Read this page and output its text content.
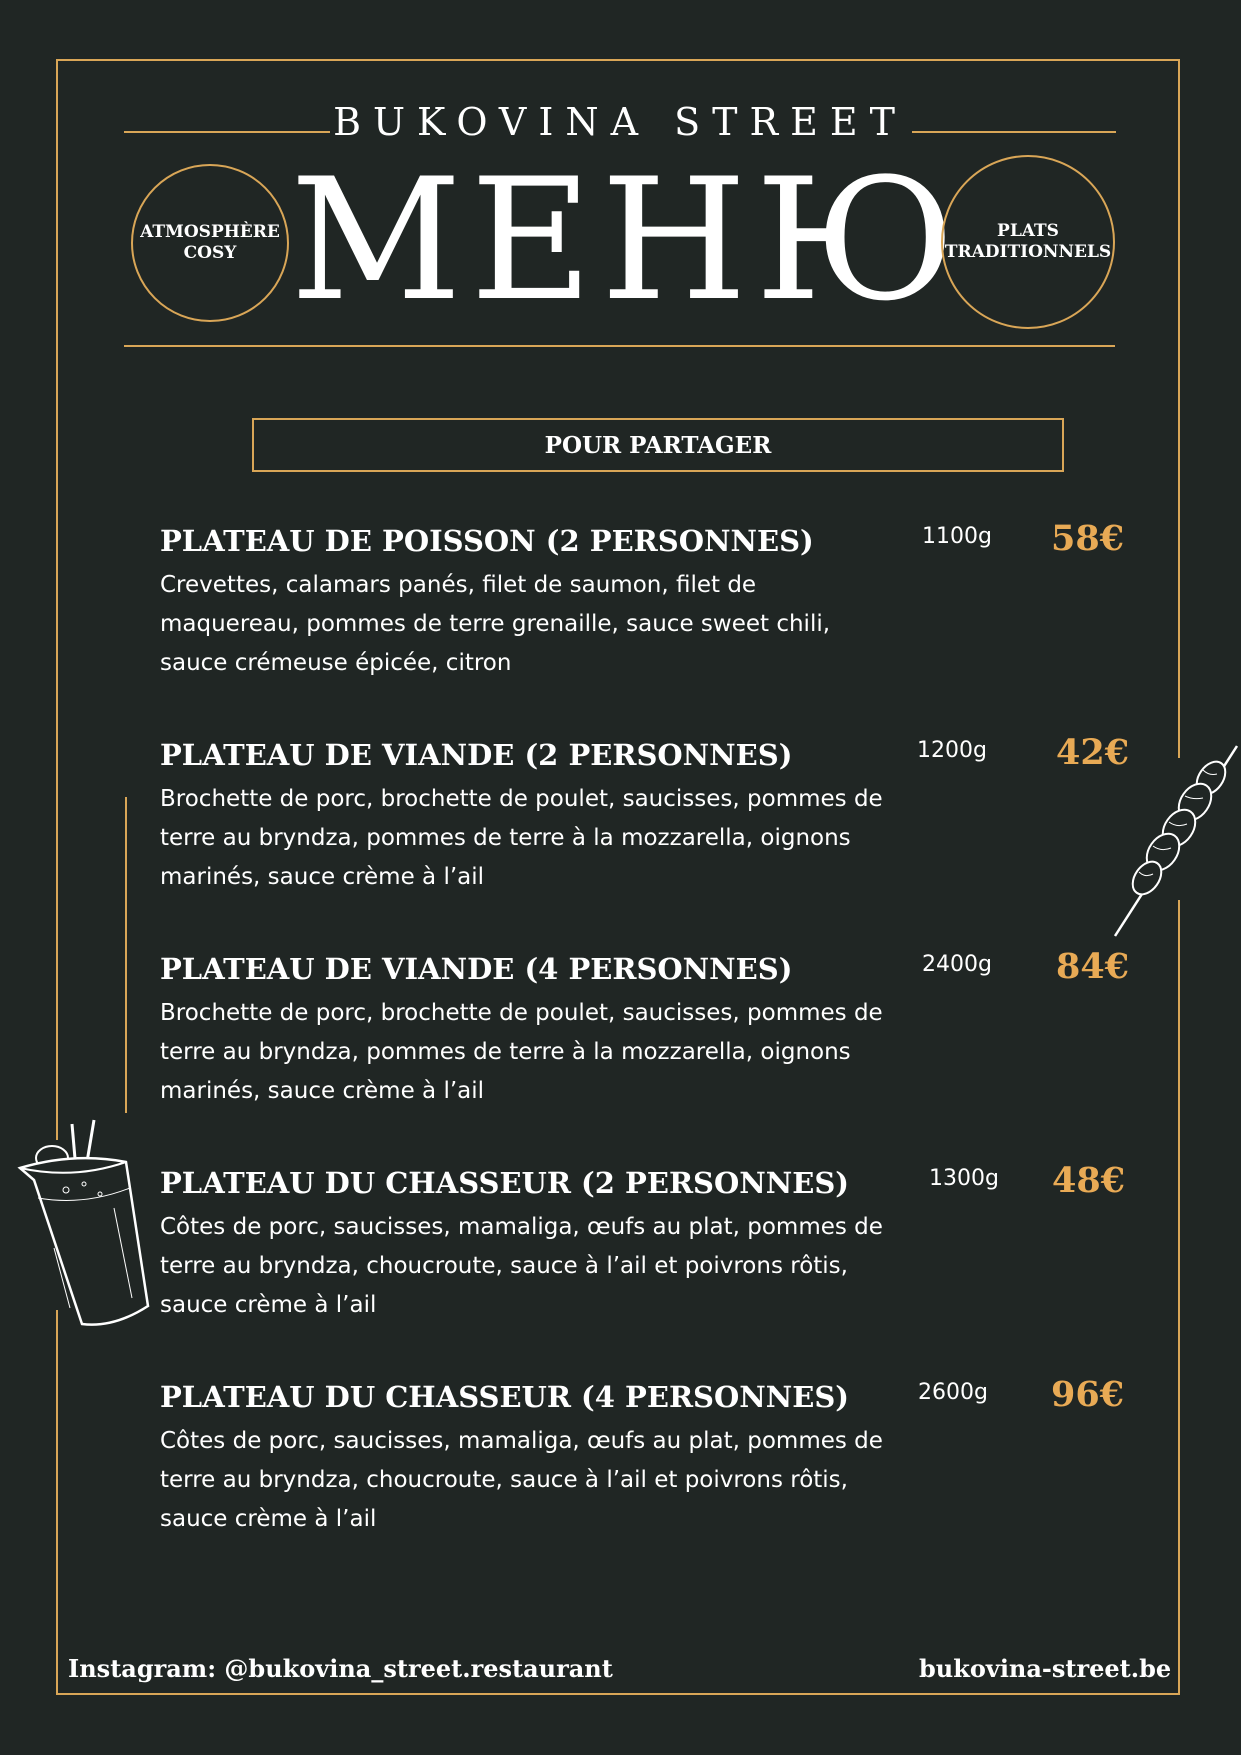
BUKOVINA STREET
МЕНЮ
ATMOSPHÈRE COSY
PLATS TRADITIONNELS
POUR PARTAGER
PLATEAU DE POISSON (2 PERSONNES)
Crevettes, calamars panés, filet de saumon, filet de maquereau, pommes de terre grenaille, sauce sweet chili, sauce crémeuse épicée, citron
1100g 58€
PLATEAU DE VIANDE (2 PERSONNES)
Brochette de porc, brochette de poulet, saucisses, pommes de terre au bryndza, pommes de terre à la mozzarella, oignons marinés, sauce crème à l’ail
1200g 42€
PLATEAU DE VIANDE (4 PERSONNES)
Brochette de porc, brochette de poulet, saucisses, pommes de terre au bryndza, pommes de terre à la mozzarella, oignons marinés, sauce crème à l’ail
2400g 84€
PLATEAU DU CHASSEUR (2 PERSONNES)
Côtes de porc, saucisses, mamaliga, œufs au plat, pommes de terre au bryndza, choucroute, sauce à l’ail et poivrons rôtis, sauce crème à l’ail
1300g 48€
PLATEAU DU CHASSEUR (4 PERSONNES)
Côtes de porc, saucisses, mamaliga, œufs au plat, pommes de terre au bryndza, choucroute, sauce à l’ail et poivrons rôtis, sauce crème à l’ail
2600g 96€
Instagram: @bukovina_street.restaurant	bukovina-street.be
